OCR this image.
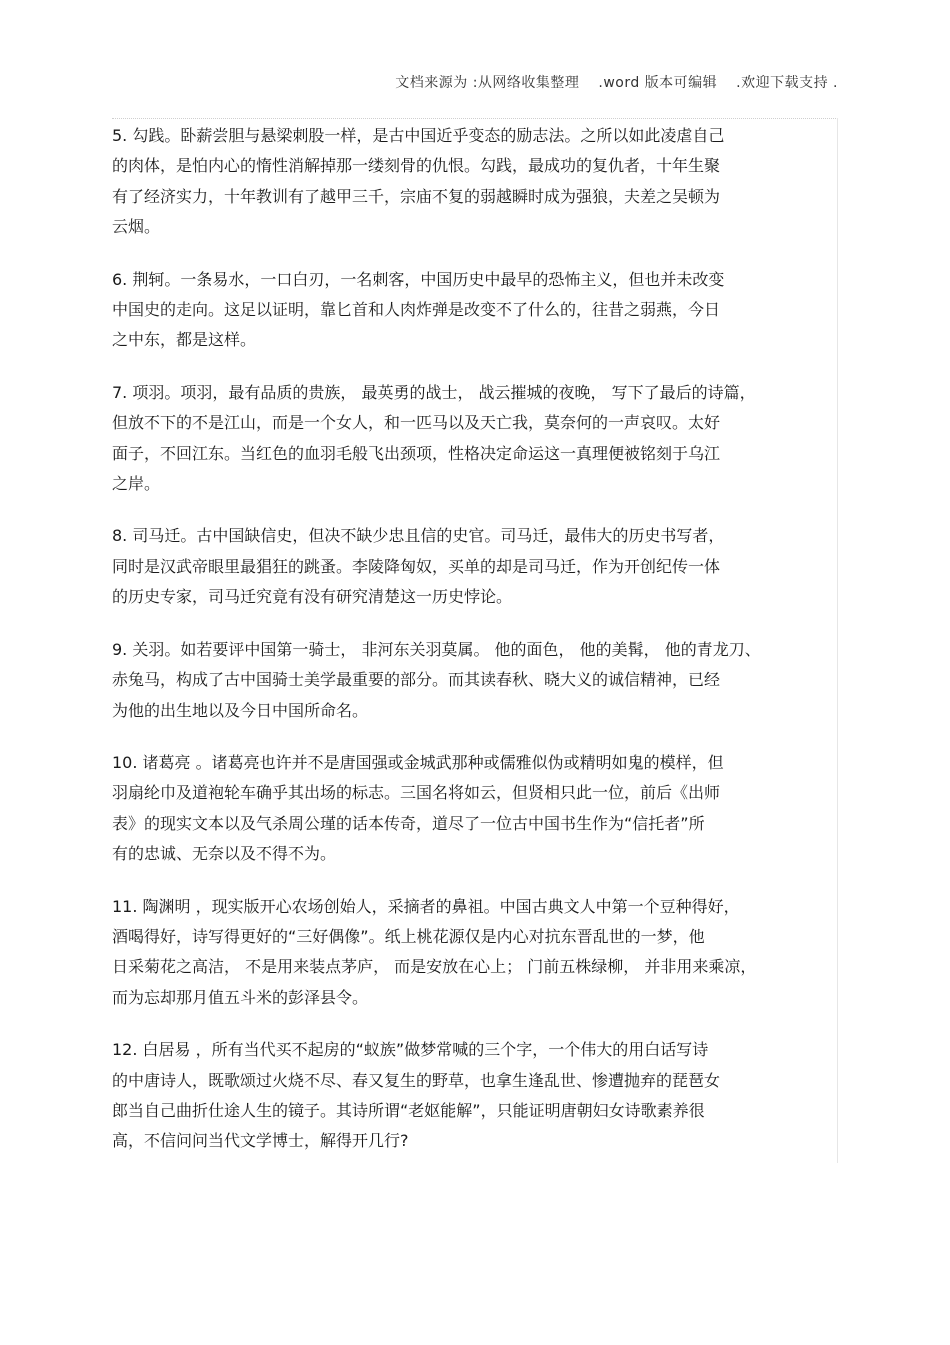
文档来源为 :从网络收集整理 .word 版本可编辑 .欢迎下载支持 .

5. 勾践。卧薪尝胆与悬梁刺股一样，是古中国近乎变态的励志法。之所以如此凌虐自己
的肉体，是怕内心的惰性消解掉那一缕刻骨的仇恨。勾践，最成功的复仇者，十年生聚
有了经济实力，十年教训有了越甲三千，宗庙不复的弱越瞬时成为强狼，夫差之吴顿为
云烟。

6. 荆轲。一条易水，一口白刃，一名刺客，中国历史中最早的恐怖主义，但也并未改变
中国史的走向。这足以证明，靠匕首和人肉炸弹是改变不了什么的，往昔之弱燕，今日
之中东，都是这样。

7. 项羽。项羽，最有品质的贵族， 最英勇的战士， 战云摧城的夜晚， 写下了最后的诗篇，
但放不下的不是江山，而是一个女人，和一匹马以及天亡我，莫奈何的一声哀叹。太好
面子，不回江东。当红色的血羽毛般飞出颈项，性格决定命运这一真理便被铭刻于乌江
之岸。

8. 司马迁。古中国缺信史，但决不缺少忠且信的史官。司马迁，最伟大的历史书写者，
同时是汉武帝眼里最猖狂的跳蚤。李陵降匈奴，买单的却是司马迁，作为开创纪传一体
的历史专家，司马迁究竟有没有研究清楚这一历史悖论。

9. 关羽。如若要评中国第一骑士， 非河东关羽莫属。 他的面色， 他的美髯， 他的青龙刀、
赤兔马，构成了古中国骑士美学最重要的部分。而其读春秋、晓大义的诚信精神，已经
为他的出生地以及今日中国所命名。

10. 诸葛亮 。诸葛亮也许并不是唐国强或金城武那种或儒雅似伪或精明如鬼的模样，但
羽扇纶巾及道袍轮车确乎其出场的标志。三国名将如云，但贤相只此一位，前后《出师
表》的现实文本以及气杀周公瑾的话本传奇，道尽了一位古中国书生作为“信托者”所
有的忠诚、无奈以及不得不为。

11. 陶渊明 ，现实版开心农场创始人，采摘者的鼻祖。中国古典文人中第一个豆种得好，
酒喝得好，诗写得更好的“三好偶像”。纸上桃花源仅是内心对抗东晋乱世的一梦，他
日采菊花之高洁， 不是用来装点茅庐， 而是安放在心上； 门前五株绿柳， 并非用来乘凉，
而为忘却那月值五斗米的彭泽县令。

12. 白居易 ，所有当代买不起房的“蚁族”做梦常喊的三个字，一个伟大的用白话写诗
的中唐诗人，既歌颂过火烧不尽、春又复生的野草，也拿生逢乱世、惨遭抛弃的琵琶女
郎当自己曲折仕途人生的镜子。其诗所谓“老妪能解”，只能证明唐朝妇女诗歌素养很
高，不信问问当代文学博士，解得开几行?
